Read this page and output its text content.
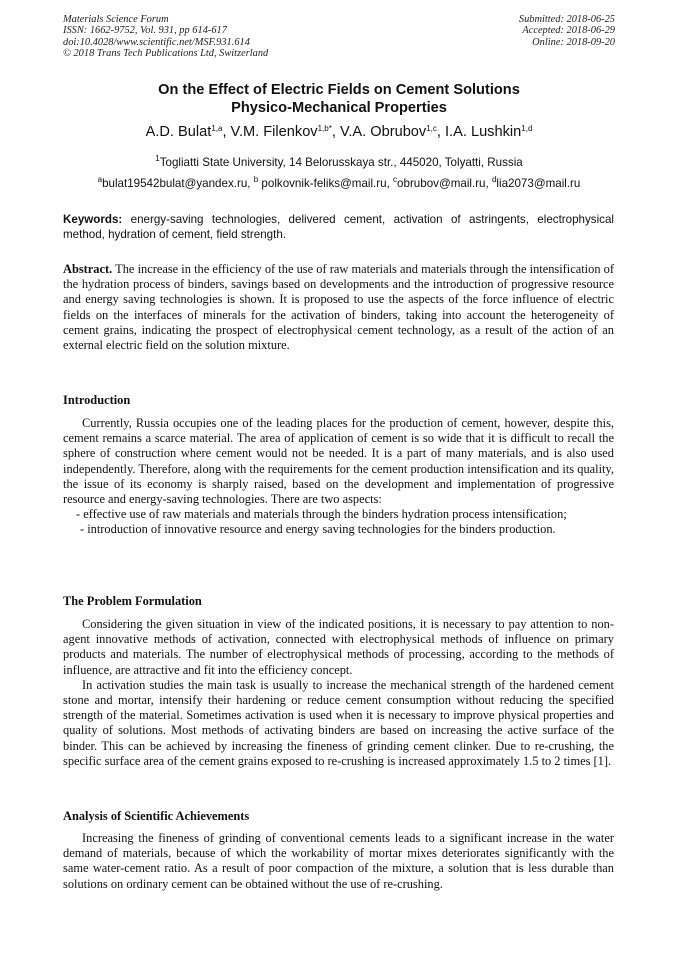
Materials Science Forum
ISSN: 1662-9752, Vol. 931, pp 614-617
doi:10.4028/www.scientific.net/MSF.931.614
© 2018 Trans Tech Publications Ltd, Switzerland
Submitted: 2018-06-25
Accepted: 2018-06-29
Online: 2018-09-20
On the Effect of Electric Fields on Cement Solutions
Physico-Mechanical Properties
A.D. Bulat$^{1,a}$, V.M. Filenkov$^{1,b*}$, V.A. Obrubov$^{1,c}$, I.A. Lushkin$^{1,d}$
$^1$Togliatti State University, 14 Belorusskaya str., 445020, Tolyatti, Russia
$^a$bulat19542bulat@yandex.ru, $^b$ polkovnik-feliks@mail.ru, $^c$obrubov@mail.ru, $^d$lia2073@mail.ru
Keywords: energy-saving technologies, delivered cement, activation of astringents, electrophysical method, hydration of cement, field strength.

Abstract. The increase in the efficiency of the use of raw materials and materials through the intensification of the hydration process of binders, savings based on developments and the introduction of progressive resource and energy saving technologies is shown. It is proposed to use the aspects of the force influence of electric fields on the interfaces of minerals for the activation of binders, taking into account the heterogeneity of cement grains, indicating the prospect of electrophysical cement technology, as a result of the action of an external electric field on the solution mixture.

Introduction

Currently, Russia occupies one of the leading places for the production of cement, however, despite this, cement remains a scarce material. The area of application of cement is so wide that it is difficult to recall the sphere of construction where cement would not be needed. It is a part of many materials, and is also used independently. Therefore, along with the requirements for the cement production intensification and its quality, the issue of its economy is sharply raised, based on the development and implementation of progressive resource and energy-saving technologies. There are two aspects:

- effective use of raw materials and materials through the binders hydration process intensification;

- introduction of innovative resource and energy saving technologies for the binders production.

The Problem Formulation

Considering the given situation in view of the indicated positions, it is necessary to pay attention to non-agent innovative methods of activation, connected with electrophysical methods of influence on primary products and materials. The number of electrophysical methods of processing, according to the methods of influence, are attractive and fit into the efficiency concept.

In activation studies the main task is usually to increase the mechanical strength of the hardened cement stone and mortar, intensify their hardening or reduce cement consumption without reducing the specified strength of the material. Sometimes activation is used when it is necessary to improve physical properties and quality of solutions. Most methods of activating binders are based on increasing the active surface of the binder. This can be achieved by increasing the fineness of grinding cement clinker. Due to re-crushing, the specific surface area of the cement grains exposed to re-crushing is increased approximately 1.5 to 2 times [1].

Analysis of Scientific Achievements

Increasing the fineness of grinding of conventional cements leads to a significant increase in the water demand of materials, because of which the workability of mortar mixes deteriorates significantly with the same water-cement ratio. As a result of poor compaction of the mixture, a solution that is less durable than solutions on ordinary cement can be obtained without the use of re-crushing.
